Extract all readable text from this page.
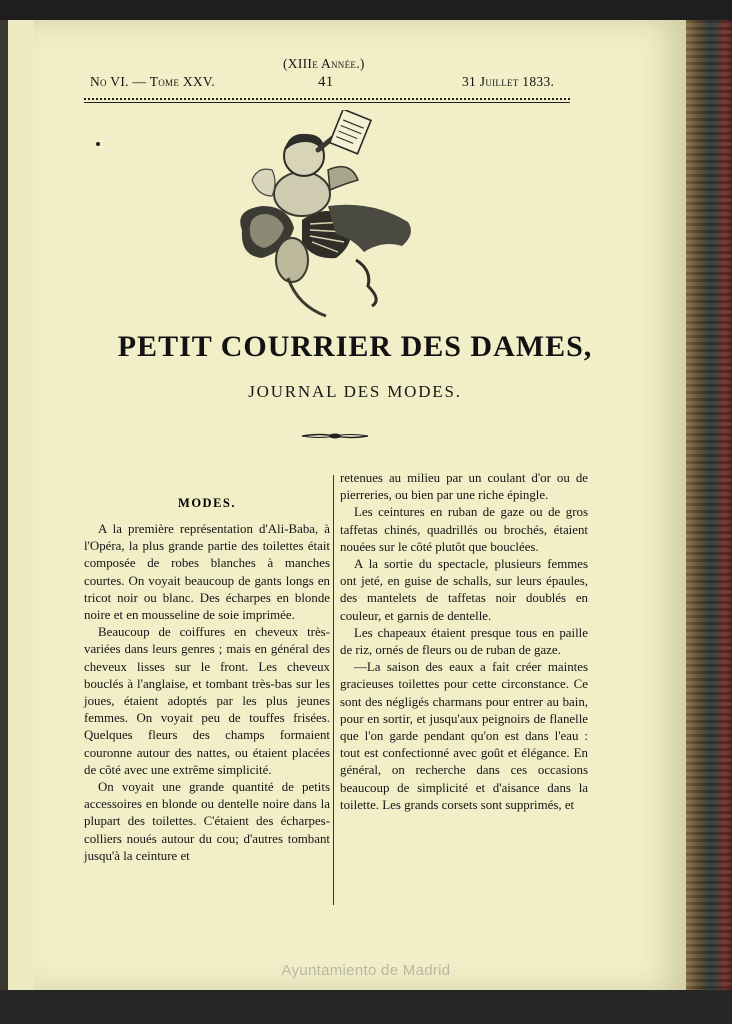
(XIIIe Année.)
No VI. — Tome XXV.	41	31 Juillet 1833.
PETIT COURRIER DES DAMES,
JOURNAL DES MODES.
MODES.

A la première représentation d'Ali-Baba, à l'Opéra, la plus grande partie des toilettes était composée de robes blanches à manches courtes. On voyait beaucoup de gants longs en tricot noir ou blanc. Des écharpes en blonde noire et en mousseline de soie imprimée.

Beaucoup de coiffures en cheveux très-variées dans leurs genres ; mais en général des cheveux lisses sur le front. Les cheveux bouclés à l'anglaise, et tombant très-bas sur les joues, étaient adoptés par les plus jeunes femmes. On voyait peu de touffes frisées. Quelques fleurs des champs formaient couronne autour des nattes, ou étaient placées de côté avec une extrême simplicité.

On voyait une grande quantité de petits accessoires en blonde ou dentelle noire dans la plupart des toilettes. C'étaient des écharpes-colliers noués autour du cou; d'autres tombant jusqu'à la ceinture et

retenues au milieu par un coulant d'or ou de pierreries, ou bien par une riche épingle.

Les ceintures en ruban de gaze ou de gros taffetas chinés, quadrillés ou brochés, étaient nouées sur le côté plutôt que bouclées.

A la sortie du spectacle, plusieurs femmes ont jeté, en guise de schalls, sur leurs épaules, des mantelets de taffetas noir doublés en couleur, et garnis de dentelle.

Les chapeaux étaient presque tous en paille de riz, ornés de fleurs ou de ruban de gaze.

—La saison des eaux a fait créer maintes gracieuses toilettes pour cette circonstance. Ce sont des négligés charmans pour entrer au bain, pour en sortir, et jusqu'aux peignoirs de flanelle que l'on garde pendant qu'on est dans l'eau : tout est confectionné avec goût et élégance. En général, on recherche dans ces occasions beaucoup de simplicité et d'aisance dans la toilette. Les grands corsets sont supprimés, et

Ayuntamiento de Madrid
